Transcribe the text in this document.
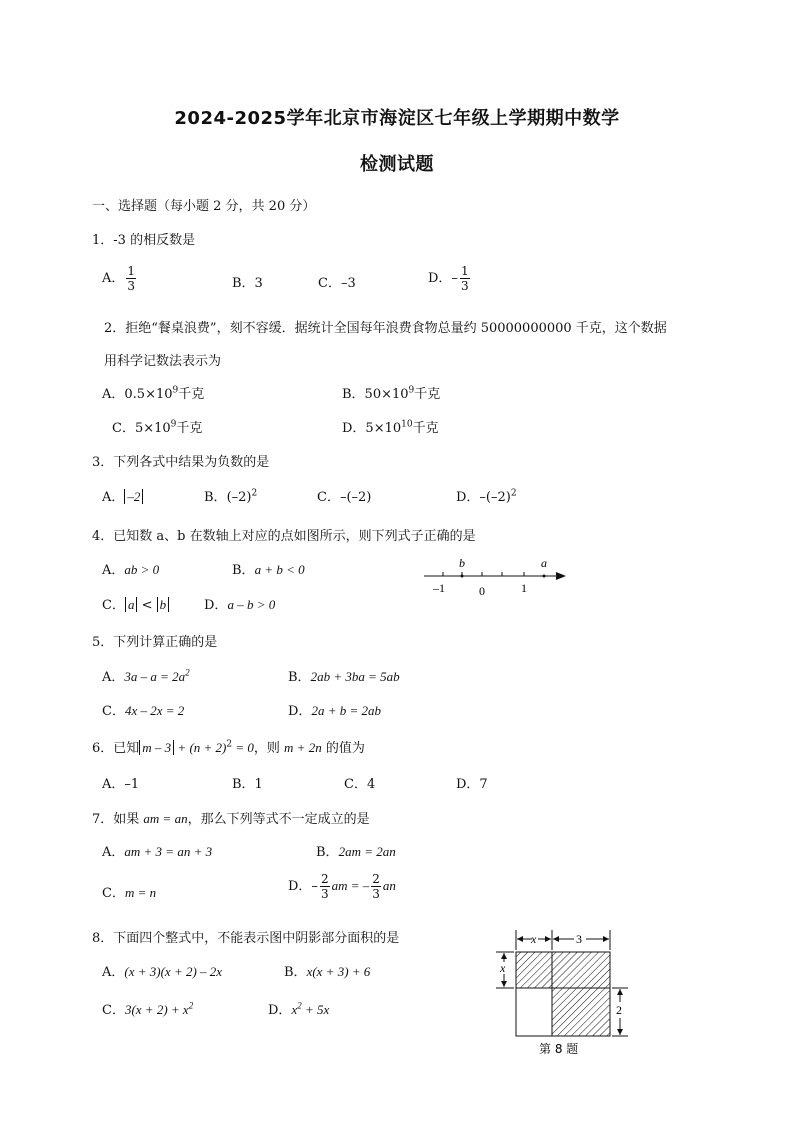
2024-2025学年北京市海淀区七年级上学期期中数学
检测试题
一、选择题（每小题 2 分，共 20 分）
1．-3 的相反数是
A． $\frac{1}{3}$	B．3	C．–3	D．– $\frac{1}{3}$
2．拒绝“餐桌浪费”，刻不容缓．据统计全国每年浪费食物总量约 50000000000 千克，这个数据
用科学记数法表示为
A．$0.5\times 10^9$千克	B．$50\times 10^9$千克
C．$5\times 10^9$千克	D．$5\times 10^{10}$千克
3．下列各式中结果为负数的是
A． –2	B．$(-2)^2$	C．–(–2)	D．$-(-2)^2$
4．已知数 a、b 在数轴上对应的点如图所示，则下列式子正确的是
A．ab > 0	B．a + b < 0
C． a < b	D．a – b > 0
b	a
–1	0	1
5．下列计算正确的是
A．$3a - a = 2a^2$	B．2ab + 3ba = 5ab
C．4x – 2x = 2	D．2a + b = 2ab
6．已知 $m - 3 + (n + 2)^2 = 0$，则 m + 2n 的值为
A．–1	B．1	C．4	D．7
7．如果 am = an，那么下列等式不一定成立的是
A．am + 3 = an + 3	B．2am = 2an
C．m = n	D．– $\frac{2}{3}$ am = – $\frac{2}{3}$ an
8．下面四个整式中，不能表示图中阴影部分面积的是
A．(x + 3)(x + 2) – 2x	B．x(x + 3) + 6
C．$3(x + 2) + x^2$	D．$x^2 + 5x$
x	3
x
2
第 8 题
